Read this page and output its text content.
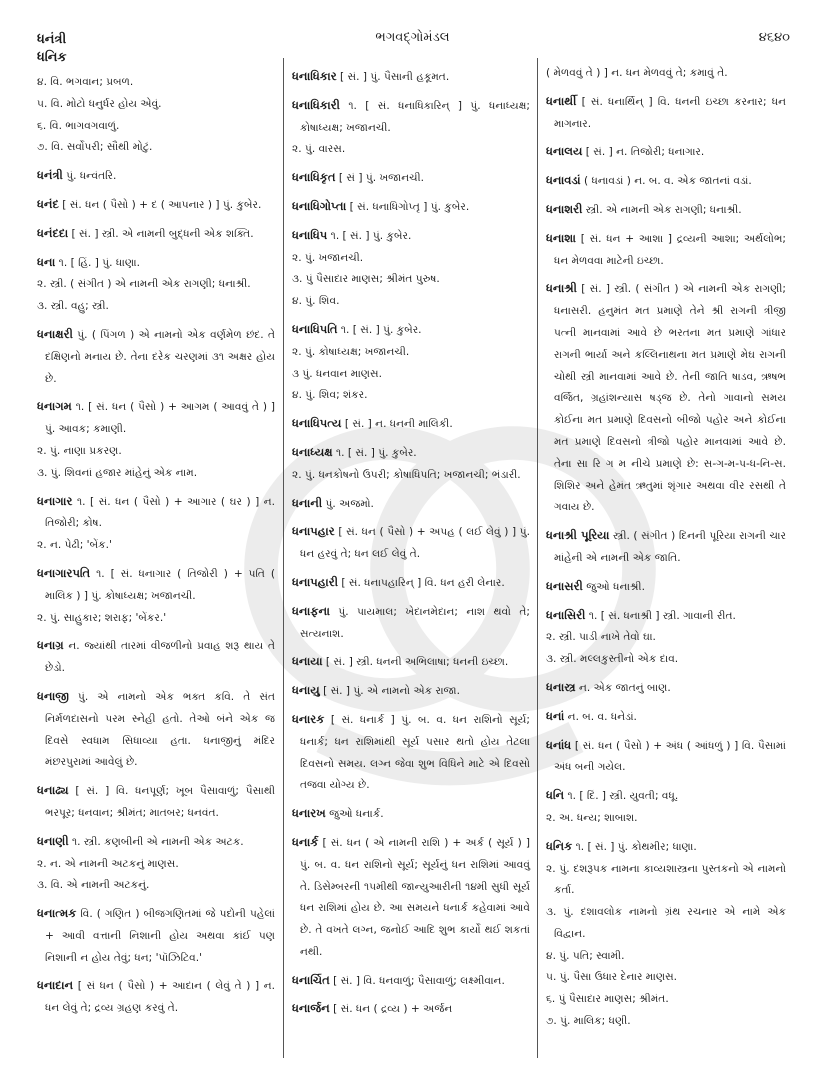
ધનંત્રી	ભગવદ્ગોમંડલ	૪૬૪૦
ધનિક

૪. વિ. ભગવાન; પ્રબળ.

૫. વિ. મોટો ધનુર્ધર હોય એવું.

૬. વિ. ભાગવગવાળું.

૭. વિ. સર્વોપરી; સૌથી મોટું.

ધનંત્રી પું. ધન્વંતરિ.

ધનંદ [ સં. ધન ( પૈસો ) + દ ( આપનાર ) ] પું. કુબેર.

ધનંદદા [ સં. ] સ્ત્રી. એ નામની બુદ્ધની એક શક્તિ.

ધના ૧. [ હિં. ] પું. ધાણા.

૨. સ્ત્રી. ( સંગીત ) એ નામની એક રાગણી; ધનાશ્રી.

૩. સ્ત્રી. વહુ; સ્ત્રી.

ધનાક્ષરી પું. ( પિંગળ ) એ નામનો એક વર્ણમેળ છંદ. તે દક્ષિણનો મનાય છે. તેના દરેક ચરણમાં ૩૧ અક્ષર હોય છે.

ધનાગમ ૧. [ સં. ધન ( પૈસો ) + આગમ ( આવવું તે ) ] પું. આવક; કમાણી.

૨. પું. નાણા પ્રકરણ.

૩. પું. શિવનાં હજાર માંહેનું એક નામ.

ધનાગાર ૧. [ સં. ધન ( પૈસો ) + આગાર ( ઘર ) ] ન. તિજોરી; કોષ.

૨. ન. પેઢી; 'બેંક.'

ધનાગારપતિ ૧. [ સં. ધનાગાર ( તિજોરી ) + પતિ ( માલિક ) ] પું. કોષાધ્યક્ષ; ખજાનચી.

૨. પું. સાહુકાર; શરાફ; 'બેંકર.'

ધનાગ્ર ન. જ્યાંથી તારમાં વીજળીનો પ્રવાહ શરૂ થાય તે છેડો.

ધનાજી પું. એ નામનો એક ભક્ત કવિ. તે સંત નિર્મળદાસનો પરમ સ્નેહી હતો. તેઓ બંને એક જ દિવસે સ્વધામ સિધાવ્યા હતા. ધનાજીનું મંદિર મંછરપુરામાં આવેલું છે.

ધનાઢ્ય [ સં. ] વિ. ધનપૂર્ણ; ખૂબ પૈસાવાળું; પૈસાથી ભરપૂર; ધનવાન; શ્રીમંત; માતબર; ધનવંત.

ધનાણી ૧. સ્ત્રી. કણબીની એ નામની એક અટક.

૨. ન. એ નામની અટકનું માણસ.

૩. વિ. એ નામની અટકનું.

ધનાત્મક વિ. ( ગણિત ) બીજગણિતમાં જે પદોની પહેલાં + આવી વત્તાની નિશાની હોય અથવા કાંઈ પણ નિશાની ન હોય તેવું; ધન; 'પૉઝિટિવ.'

ધનાદાન [ સં ધન ( પૈસો ) + આદાન ( લેવું તે ) ] ન. ધન લેવું તે; દ્રવ્ય ગ્રહણ કરવું તે.

ધનાધિકાર [ સં. ] પું. પૈસાની હકૂમત.

ધનાધિકારી ૧. [ સં. ધનાધિકારિન્ ] પું. ધનાધ્યક્ષ; કોષાધ્યક્ષ; ખજાનચી.

૨. પું. વારસ.

ધનાધિકૃત [ સં ] પું. ખજાનચી.

ધનાધિગોપ્તા [ સં. ધનાધિગોપ્તૃ ] પું. કુબેર.

ધનાધિપ ૧. [ સં. ] પું. કુબેર.

૨. પું. ખજાનચી.

૩. પું પૈસાદાર માણસ; શ્રીમંત પુરુષ.

૪. પું. શિવ.

ધનાધિપતિ ૧. [ સં. ] પું. કુબેર.

૨. પું. કોષાધ્યક્ષ; ખજાનચી.

૩ પું. ધનવાન માણસ.

૪. પું. શિવ; શંકર.

ધનાધિપત્ય [ સં. ] ન. ધનની માલિકી.

ધનાધ્યક્ષ ૧. [ સં. ] પું. કુબેર.

૨. પું. ધનકોષનો ઉપરી; કોષાધિપતિ; ખજાનચી; ભંડારી.

ધનાની પું. અજમો.

ધનાપહાર [ સં. ધન ( પૈસો ) + અપહ ( લઈ લેવું ) ] પું. ધન હરવું તે; ધન લઈ લેવું તે.

ધનાપહારી [ સં. ધનાપહારિન્ ] વિ. ધન હરી લેનાર.

ધનાફના પું. પાયમાલ; ખેદાનમેદાન; નાશ થવો તે; સત્યનાશ.

ધનાયા [ સં. ] સ્ત્રી. ધનની અભિલાષા; ધનની ઇચ્છા.

ધનાયુ [ સં. ] પું. એ નામનો એક રાજા.

ધનારક [ સં. ધનાર્ક ] પું. બ. વ. ધન રાશિનો સૂર્ય; ધનાર્ક; ધન રાશિમાંથી સૂર્ય પસાર થતો હોય તેટલા દિવસનો સમય. લગ્ન જેવા શુભ વિધિને માટે એ દિવસો તજવા યોગ્ય છે.

ધનારખ જુઓ ધનાર્ક.

ધનાર્ક [ સં. ધન ( એ નામની રાશિ ) + અર્ક ( સૂર્ય ) ] પું. બ. વ. ધન રાશિનો સૂર્ય; સૂર્યનું ધન રાશિમાં આવવું તે. ડિસેમ્બરની ૧૫મીથી જાન્યુઆરીની ૧૪મી સુધી સૂર્ય ધન રાશિમાં હોય છે. આ સમયને ધનાર્ક કહેવામાં આવે છે. તે વખતે લગ્ન, જનોઈ આદિ શુભ કાર્યો થઈ શકતાં નથી.

ધનાર્ચિત [ સં. ] વિ. ધનવાળું; પૈસાવાળું; લક્ષ્મીવાન.

ધનાર્જન [ સં. ધન ( દ્રવ્ય ) + અર્જન

( મેળવવું તે ) ] ન. ધન મેળવવું તે; કમાવું તે.

ધનાર્થી [ સં. ધનાર્થિન્ ] વિ. ધનની ઇચ્છા કરનાર; ધન માગનાર.

ધનાલય [ સં. ] ન. તિજોરી; ધનાગાર.

ધનાવડાં ( ધનાવડાં ) ન. બ. વ. એક જાતનાં વડાં.

ધનાશરી સ્ત્રી. એ નામની એક રાગણી; ધનાશ્રી.

ધનાશા [ સં. ધન + આશા ] દ્રવ્યની આશા; અર્થલોભ; ધન મેળવવા માટેની ઇચ્છા.

ધનાશ્રી [ સં. ] સ્ત્રી. ( સંગીત ) એ નામની એક રાગણી; ધનાસરી. હનુમંત મત પ્રમાણે તેને શ્રી રાગની ત્રીજી પત્ની માનવામાં આવે છે ભરતના મત પ્રમાણે ગાંધાર રાગની ભાર્યા અને કલ્લિનાથના મત પ્રમાણે મેઘ રાગની ચોથી સ્ત્રી માનવામાં આવે છે. તેની જાતિ ષાડવ, ઋષભ વર્જિત, ગ્રહાંશન્યાસ ષડ્જ છે. તેનો ગાવાનો સમય કોઈના મત પ્રમાણે દિવસનો બીજો પહોર અને કોઈના મત પ્રમાણે દિવસનો ત્રીજો પહોર માનવામાં આવે છે. તેના સા રિ ગ મ નીચે પ્રમાણે છે: સ-ગ-મ-પ-ધ-નિ-સ. શિશિર અને હેમંત ઋતુમાં શૃંગાર અથવા વીર રસથી તે ગવાય છે.

ધનાશ્રી પૂરિયા સ્ત્રી. ( સંગીત ) દિનની પૂરિયા રાગની ચાર માંહેની એ નામની એક જાતિ.

ધનાસરી જુઓ ધનાશ્રી.

ધનાસિરી ૧. [ સં. ધનાશ્રી ] સ્ત્રી. ગાવાની રીત.

૨. સ્ત્રી. પાડી નાખે તેવો ઘા.

૩. સ્ત્રી. મલ્લકુસ્તીનો એક દાવ.

ધનાસ્ત્ર ન. એક જાતનું બાણ.

ધનાં ન. બ. વ. ધનેડાં.

ધનાંધ [ સં. ધન ( પૈસો ) + અંધ ( આંધળું ) ] વિ. પૈસામાં અંધ બની ગયેલ.

ધનિ ૧. [ દિં. ] સ્ત્રી. યુવતી; વધૂ.

૨. અ. ધન્ય; શાબાશ.

ધનિક ૧. [ સં. ] પું. કોથમીર; ધાણા.

૨. પું. દશરૂપક નામના કાવ્યશાસ્ત્રના પુસ્તકનો એ નામનો કર્તા.

૩. પું. દશાવલોક નામનો ગ્રંથ રચનાર એ નામે એક વિદ્વાન.

૪. પું. પતિ; સ્વામી.

૫. પું. પૈસા ઉધાર દેનાર માણસ.

૬. પું પૈસાદાર માણસ; શ્રીમંત.

૭. પું. માલિક; ધણી.
